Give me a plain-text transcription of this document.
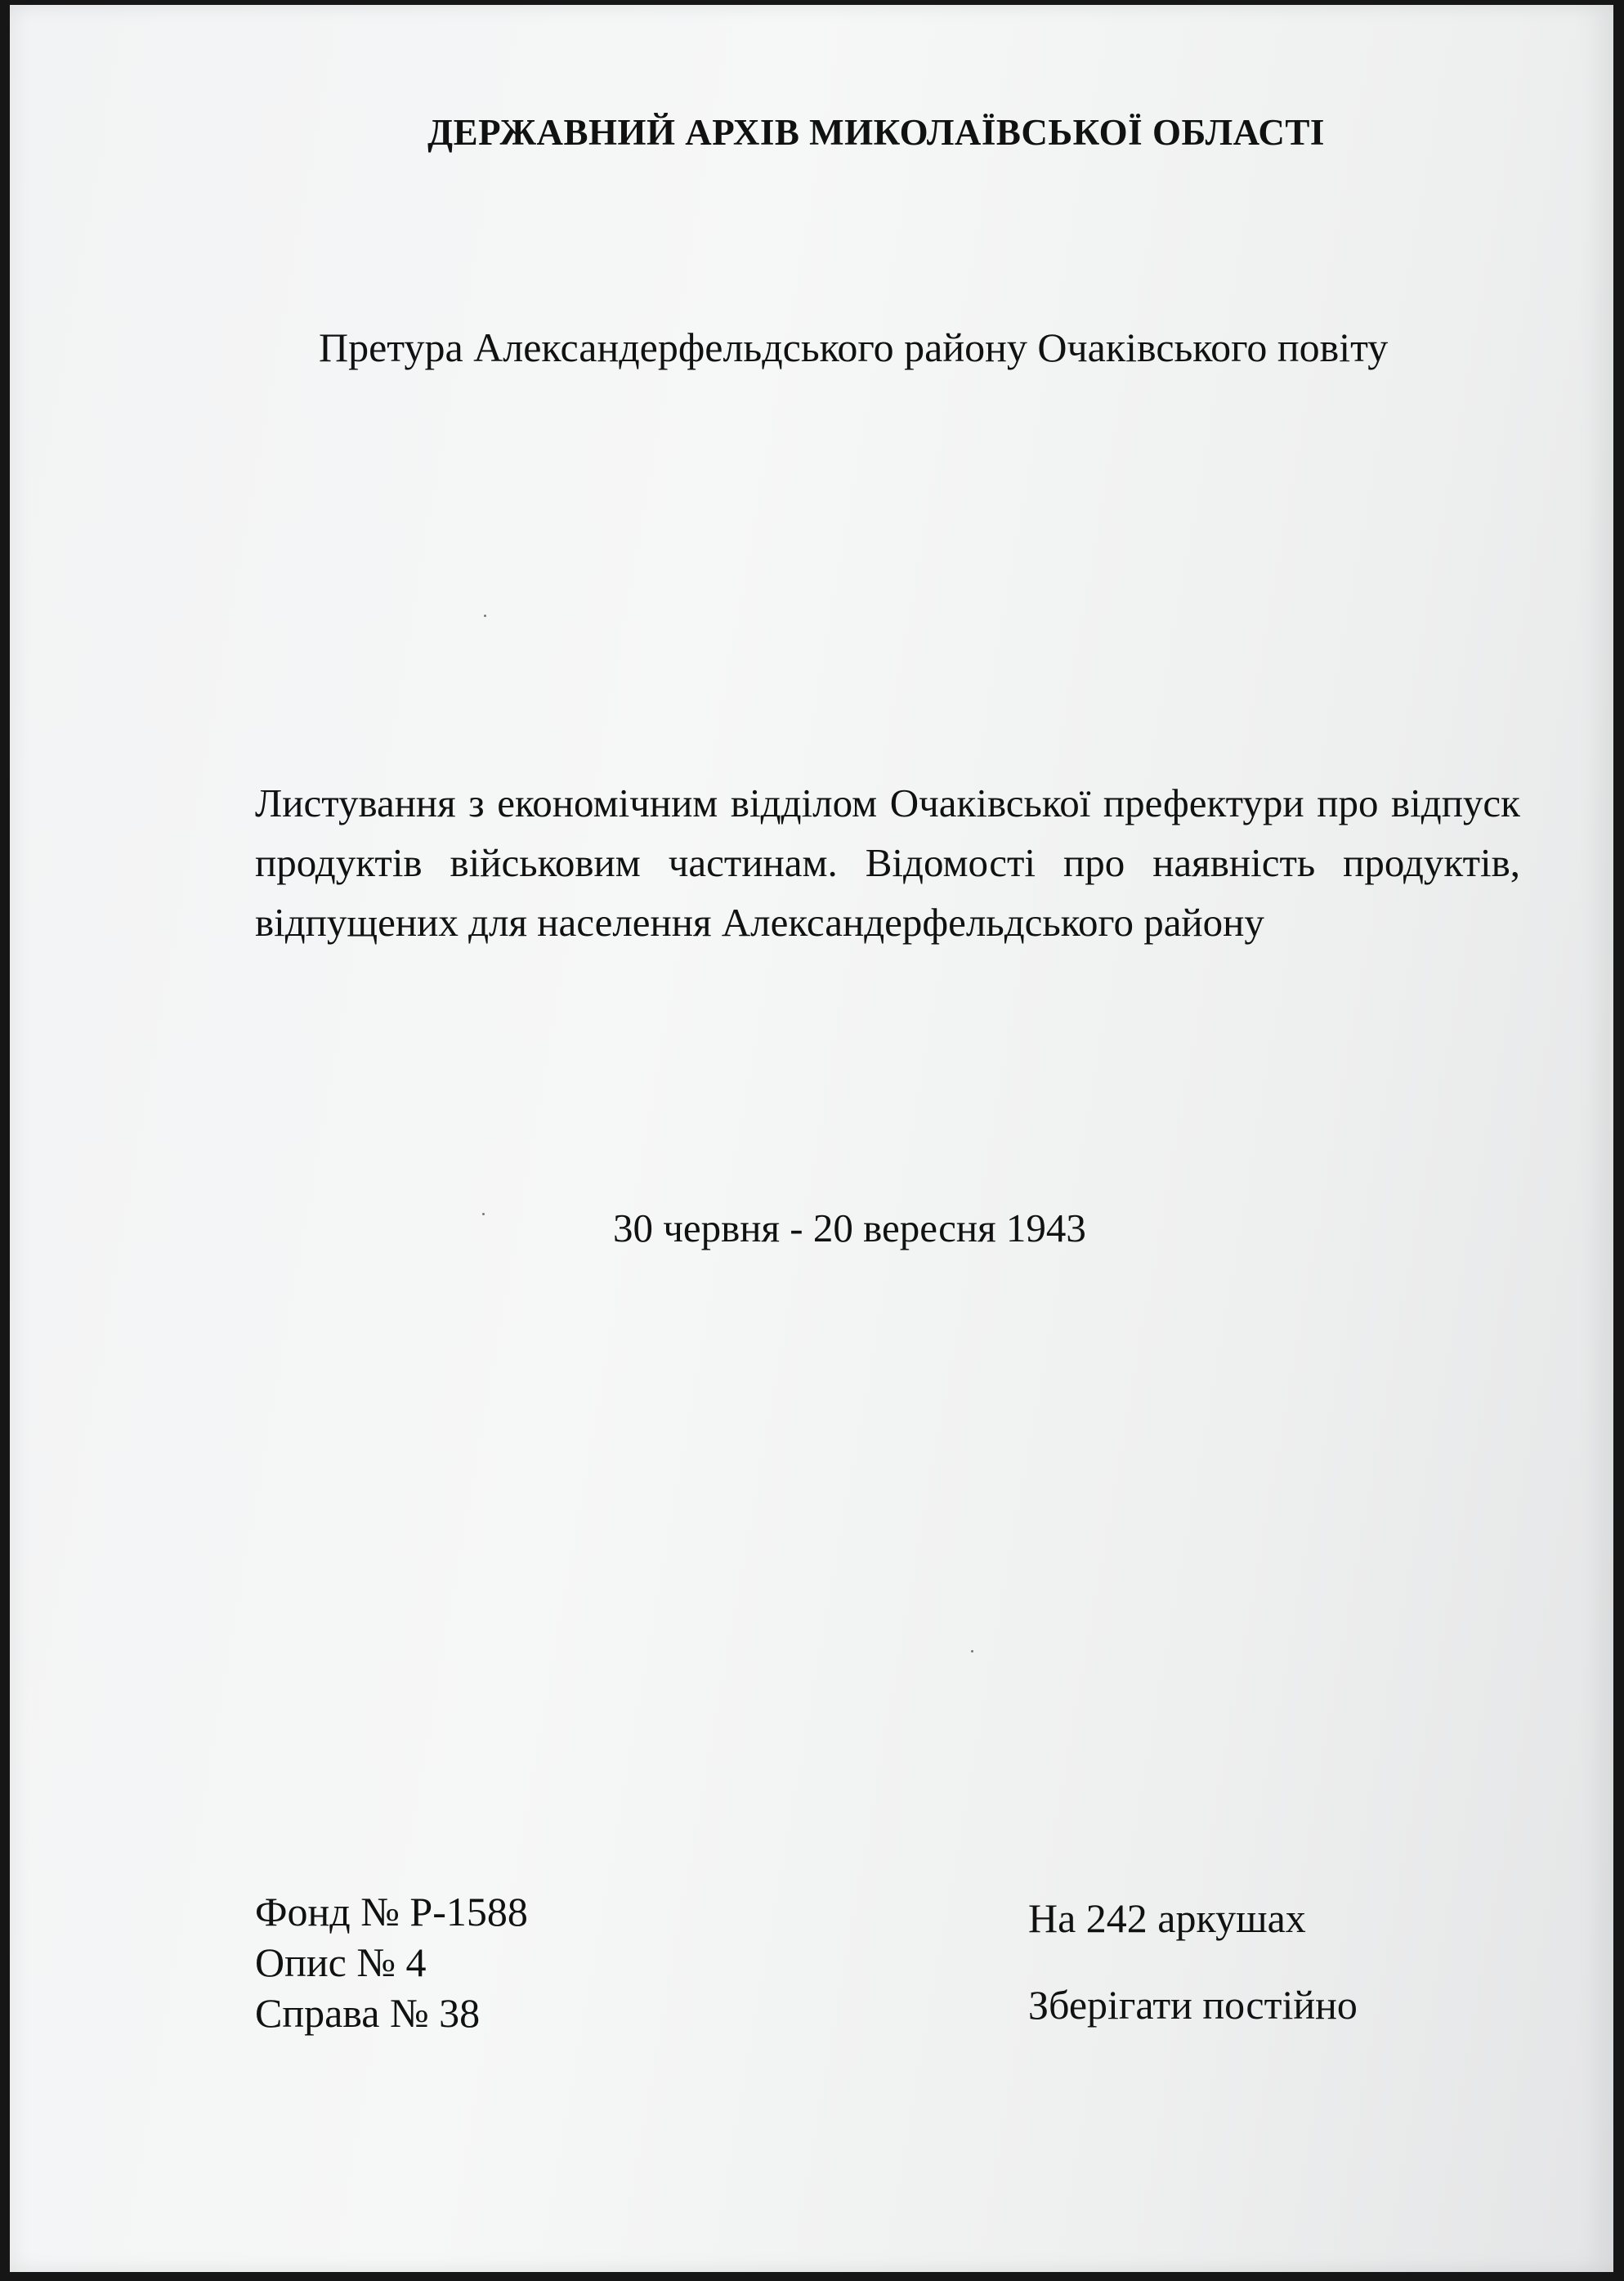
ДЕРЖАВНИЙ АРХІВ МИКОЛАЇВСЬКОЇ ОБЛАСТІ
Претура Александерфельдського району Очаківського повіту
Листування з економічним відділом Очаківської префектури про відпуск продуктів військовим частинам. Відомості про наявність продуктів, відпущених для населення Александерфельдського району
30 червня - 20 вересня 1943
Фонд № Р-1588
Опис № 4
Справа № 38
На 242 аркушах
Зберігати постійно
